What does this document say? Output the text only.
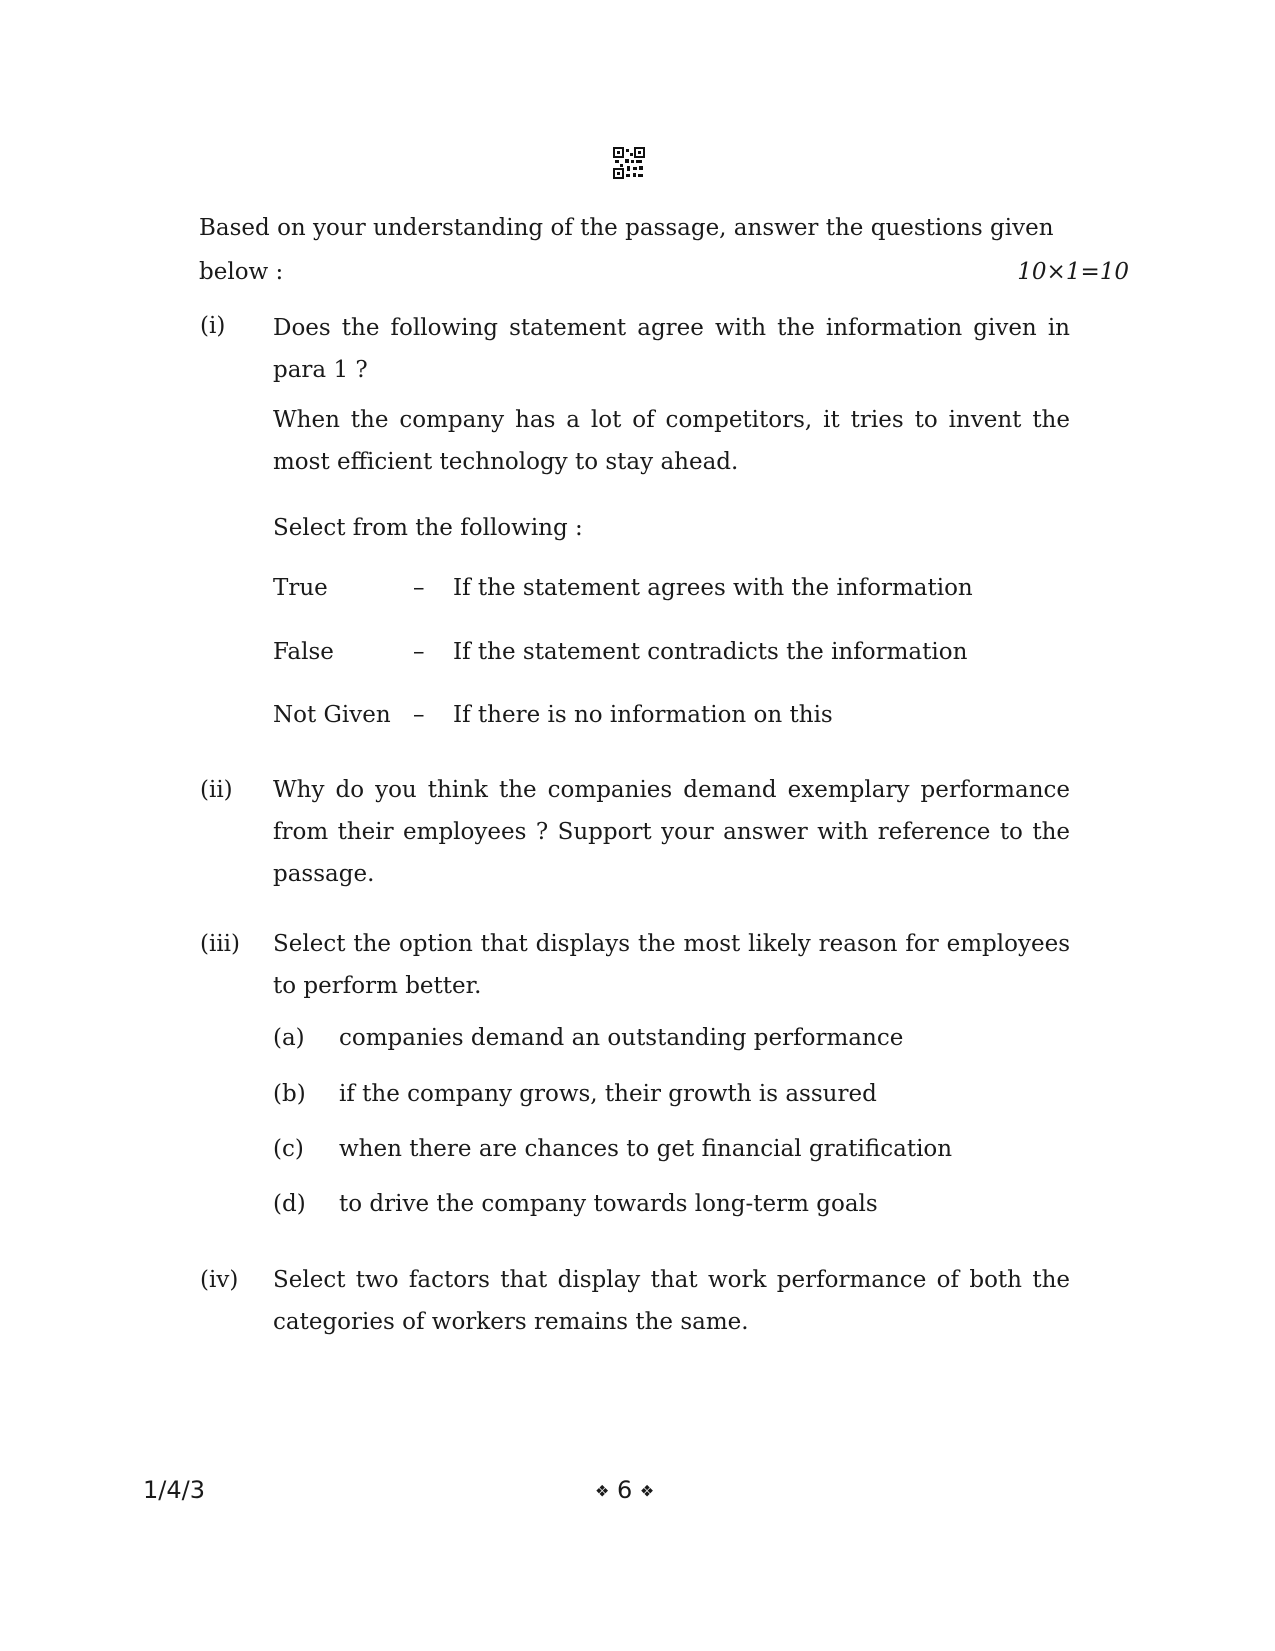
Based on your understanding of the passage, answer the questions given
below :	10×1=10
(i) Does the following statement agree with the information given in para 1 ?

When the company has a lot of competitors, it tries to invent the most efficient technology to stay ahead.

Select from the following :

True	–	If the statement agrees with the information
False	–	If the statement contradicts the information
Not Given –	If there is no information on this
(ii) Why do you think the companies demand exemplary performance from their employees ? Support your answer with reference to the passage.

(iii) Select the option that displays the most likely reason for employees to perform better.

(a) companies demand an outstanding performance
(b) if the company grows, their growth is assured
(c) when there are chances to get financial gratification
(d) to drive the company towards long-term goals
(iv) Select two factors that display that work performance of both the categories of workers remains the same.

1/4/3	❖ 6 ❖
